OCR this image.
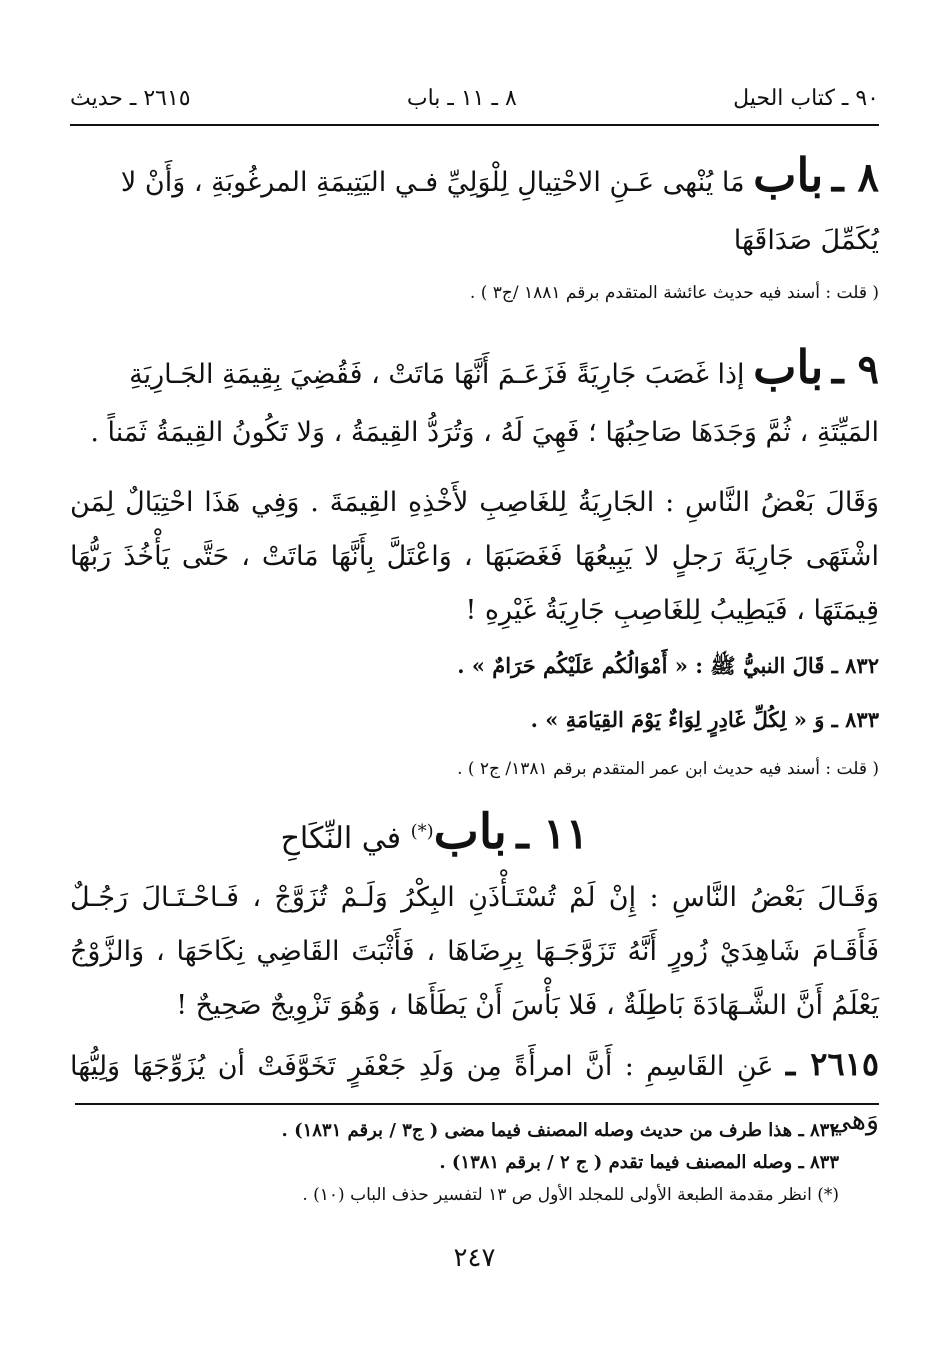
٩٠ ـ كتاب الحيل
٨ ـ ١١ ـ باب
٢٦١٥ ـ حديث

٨ ـ باب مَا يُنْهى عَـنِ الاحْتِيالِ لِلْوَلِيِّ فـي اليَتِيمَةِ المرغُوبَةِ ، وَأَنْ لا يُكَمِّلَ صَدَاقَهَا

( قلت : أسند فيه حديث عائشة المتقدم برقم ١٨٨١ /ج٣ ) .

٩ ـ باب إذا غَصَبَ جَارِيَةً فَزَعَـمَ أَنَّهَا مَاتَتْ ، فَقُضِيَ بِقِيمَةِ الجَـارِيَةِ المَيِّتَةِ ، ثُمَّ وَجَدَهَا صَاحِبُهَا ؛ فَهِيَ لَهُ ، وَتُرَدُّ القِيمَةُ ، وَلا تَكُونُ القِيمَةُ ثَمَناً .

وَقَالَ بَعْضُ النَّاسِ : الجَارِيَةُ لِلغَاصِبِ لأَخْذِهِ القِيمَةَ . وَفِي هَذَا احْتِيَالٌ لِمَن اشْتَهَى جَارِيَةَ رَجلٍ لا يَبِيعُهَا فَغَصَبَهَا ، وَاعْتَلَّ بِأَنَّهَا مَاتَتْ ، حَتَّى يَأْخُذَ رَبُّهَا قِيمَتَهَا ، فَيَطِيبُ لِلغَاصِبِ جَارِيَةُ غَيْرِهِ !

٨٣٢ ـ قَالَ النبيُّ ﷺ : « أَمْوَالُكُم عَلَيْكُم حَرَامٌ » .

٨٣٣ ـ وَ « لِكُلِّ غَادِرٍ لِوَاءٌ يَوْمَ القِيَامَةِ » .

( قلت : أسند فيه حديث ابن عمر المتقدم برقم ١٣٨١/ ج٢ ) .

١١ ـ باب(*) في النِّكَاحِ

وَقَـالَ بَعْضُ النَّاسِ : إِنْ لَمْ تُسْتَـأْذَنِ البِكْرُ وَلَـمْ تُزَوَّجْ ، فَـاحْـتَـالَ رَجُـلٌ فَأَقَـامَ شَاهِدَيْ زُورٍ أَنَّهُ تَزَوَّجَـهَا بِرِضَاهَا ، فَأَثْبَتَ القَاضِي نِكَاحَهَا ، وَالزَّوْجُ يَعْلَمُ أَنَّ الشَّـهَادَةَ بَاطِلَةٌ ، فَلا بَأْسَ أَنْ يَطَأَهَا ، وَهُوَ تَزْوِيجٌ صَحِيحٌ !

٢٦١٥ ـ عَنِ القَاسِمِ : أَنَّ امرأَةً مِن وَلَدِ جَعْفَرٍ تَخَوَّفَتْ أن يُزَوِّجَهَا وَلِيُّهَا وَهي

٨٣٢ ـ هذا طرف من حديث وصله المصنف فيما مضى ( ج٣ / برقم ١٨٣١) .

٨٣٣ ـ وصله المصنف فيما تقدم ( ج ٢ / برقم ١٣٨١) .

(*) انظر مقدمة الطبعة الأولى للمجلد الأول ص ١٣ لتفسير حذف الباب (١٠) .

٢٤٧
